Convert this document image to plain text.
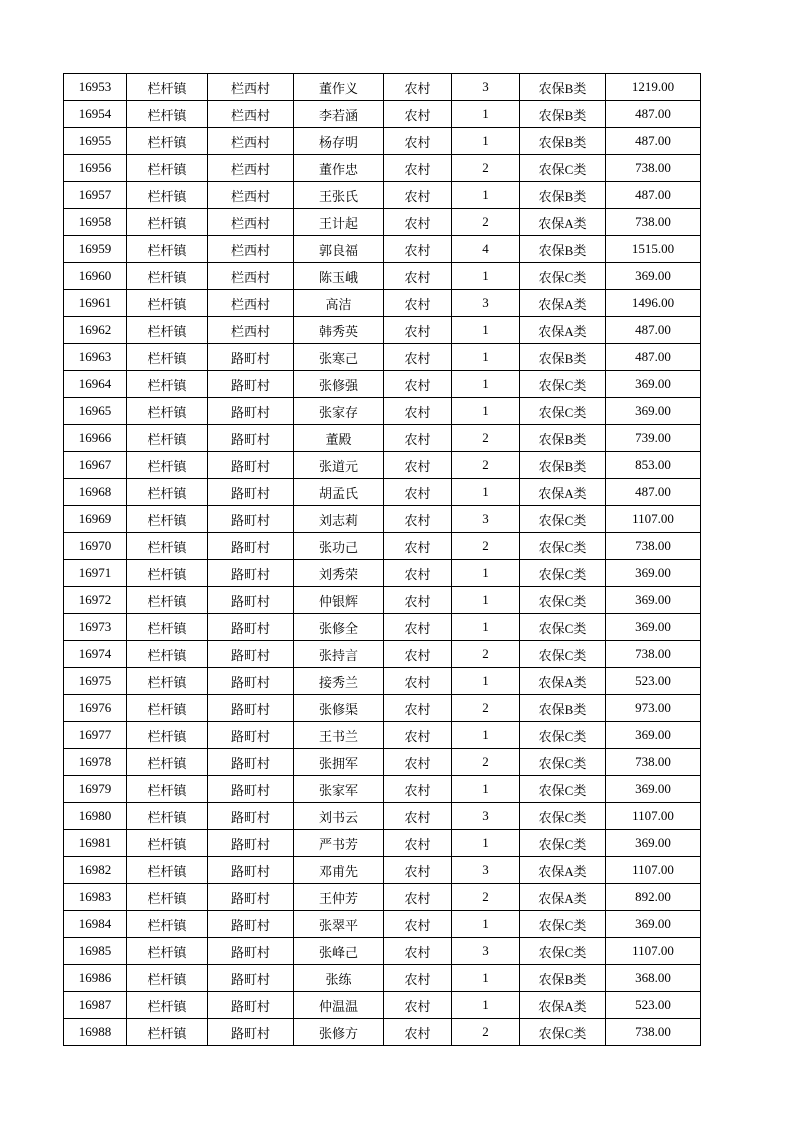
16953	栏杆镇	栏西村	董作义	农村	3	农保B类	1219.00
16954	栏杆镇	栏西村	李若涵	农村	1	农保B类	487.00
16955	栏杆镇	栏西村	杨存明	农村	1	农保B类	487.00
16956	栏杆镇	栏西村	董作忠	农村	2	农保C类	738.00
16957	栏杆镇	栏西村	王张氏	农村	1	农保B类	487.00
16958	栏杆镇	栏西村	王计起	农村	2	农保A类	738.00
16959	栏杆镇	栏西村	郭良福	农村	4	农保B类	1515.00
16960	栏杆镇	栏西村	陈玉峨	农村	1	农保C类	369.00
16961	栏杆镇	栏西村	高洁	农村	3	农保A类	1496.00
16962	栏杆镇	栏西村	韩秀英	农村	1	农保A类	487.00
16963	栏杆镇	路町村	张寒己	农村	1	农保B类	487.00
16964	栏杆镇	路町村	张修强	农村	1	农保C类	369.00
16965	栏杆镇	路町村	张家存	农村	1	农保C类	369.00
16966	栏杆镇	路町村	董殿	农村	2	农保B类	739.00
16967	栏杆镇	路町村	张道元	农村	2	农保B类	853.00
16968	栏杆镇	路町村	胡孟氏	农村	1	农保A类	487.00
16969	栏杆镇	路町村	刘志莉	农村	3	农保C类	1107.00
16970	栏杆镇	路町村	张功己	农村	2	农保C类	738.00
16971	栏杆镇	路町村	刘秀荣	农村	1	农保C类	369.00
16972	栏杆镇	路町村	仲银辉	农村	1	农保C类	369.00
16973	栏杆镇	路町村	张修全	农村	1	农保C类	369.00
16974	栏杆镇	路町村	张持言	农村	2	农保C类	738.00
16975	栏杆镇	路町村	接秀兰	农村	1	农保A类	523.00
16976	栏杆镇	路町村	张修渠	农村	2	农保B类	973.00
16977	栏杆镇	路町村	王书兰	农村	1	农保C类	369.00
16978	栏杆镇	路町村	张拥军	农村	2	农保C类	738.00
16979	栏杆镇	路町村	张家军	农村	1	农保C类	369.00
16980	栏杆镇	路町村	刘书云	农村	3	农保C类	1107.00
16981	栏杆镇	路町村	严书芳	农村	1	农保C类	369.00
16982	栏杆镇	路町村	邓甫先	农村	3	农保A类	1107.00
16983	栏杆镇	路町村	王仲芳	农村	2	农保A类	892.00
16984	栏杆镇	路町村	张翠平	农村	1	农保C类	369.00
16985	栏杆镇	路町村	张峰己	农村	3	农保C类	1107.00
16986	栏杆镇	路町村	张练	农村	1	农保B类	368.00
16987	栏杆镇	路町村	仲温温	农村	1	农保A类	523.00
16988	栏杆镇	路町村	张修方	农村	2	农保C类	738.00
